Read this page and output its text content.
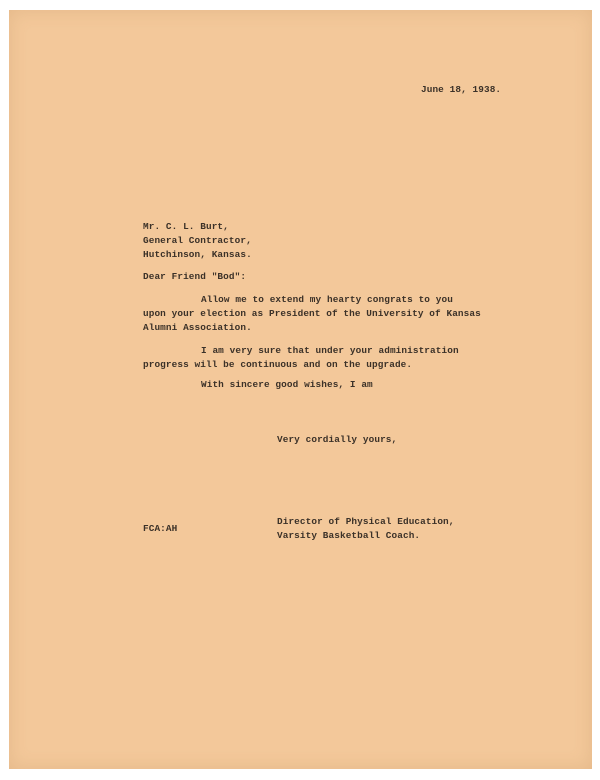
June 18, 1938.
Mr. C. L. Burt,
General Contractor,
Hutchinson, Kansas.
Dear Friend "Bod":
Allow me to extend my hearty congrats to you
upon your election as President of the University of Kansas
Alumni Association.
I am very sure that under your administration
progress will be continuous and on the upgrade.
With sincere good wishes, I am
Very cordially yours,
Director of Physical Education,
Varsity Basketball Coach.
FCA:AH
